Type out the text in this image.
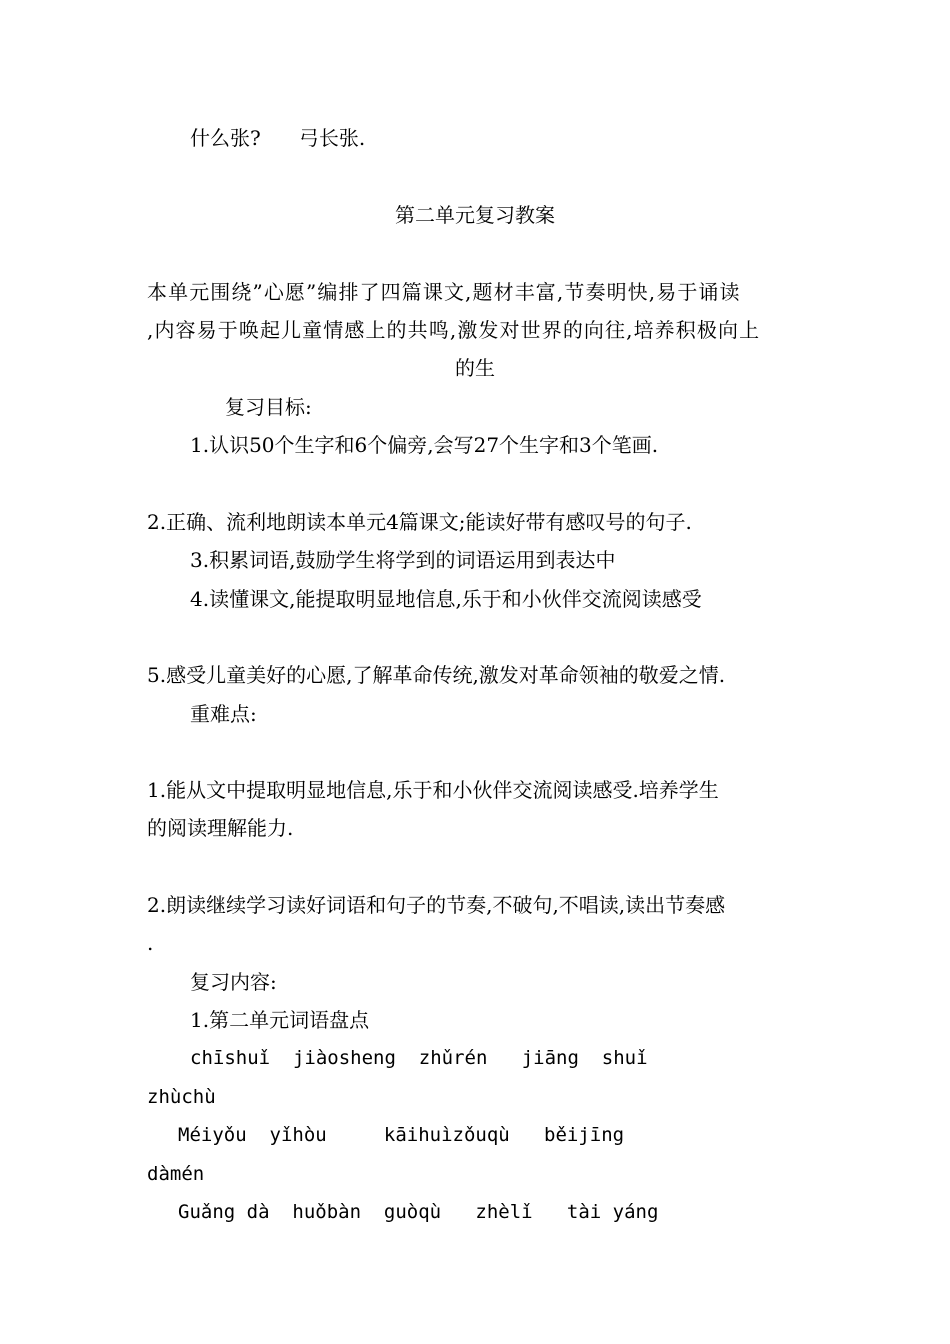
什么张?      弓长张.
第二单元复习教案
本单元围绕”心愿”编排了四篇课文,题材丰富,节奏明快,易于诵读
,内容易于唤起儿童情感上的共鸣,激发对世界的向往,培养积极向上
的生
复习目标:
1.认识50个生字和6个偏旁,会写27个生字和3个笔画.
2.正确、流利地朗读本单元4篇课文;能读好带有感叹号的句子.
3.积累词语,鼓励学生将学到的词语运用到表达中
4.读懂课文,能提取明显地信息,乐于和小伙伴交流阅读感受
5.感受儿童美好的心愿,了解革命传统,激发对革命领袖的敬爱之情.
重难点:
1.能从文中提取明显地信息,乐于和小伙伴交流阅读感受.培养学生
的阅读理解能力.
2.朗读继续学习读好词语和句子的节奏,不破句,不唱读,读出节奏感
.
复习内容:
1.第二单元词语盘点
chīshuǐ  jiàosheng  zhǔrén   jiāng  shuǐ
zhùchù
Méiyǒu  yǐhòu     kāihuìzǒuqù   běijīng
dàmén
Guǎng dà  huǒbàn  guòqù   zhèlǐ   tài yáng
